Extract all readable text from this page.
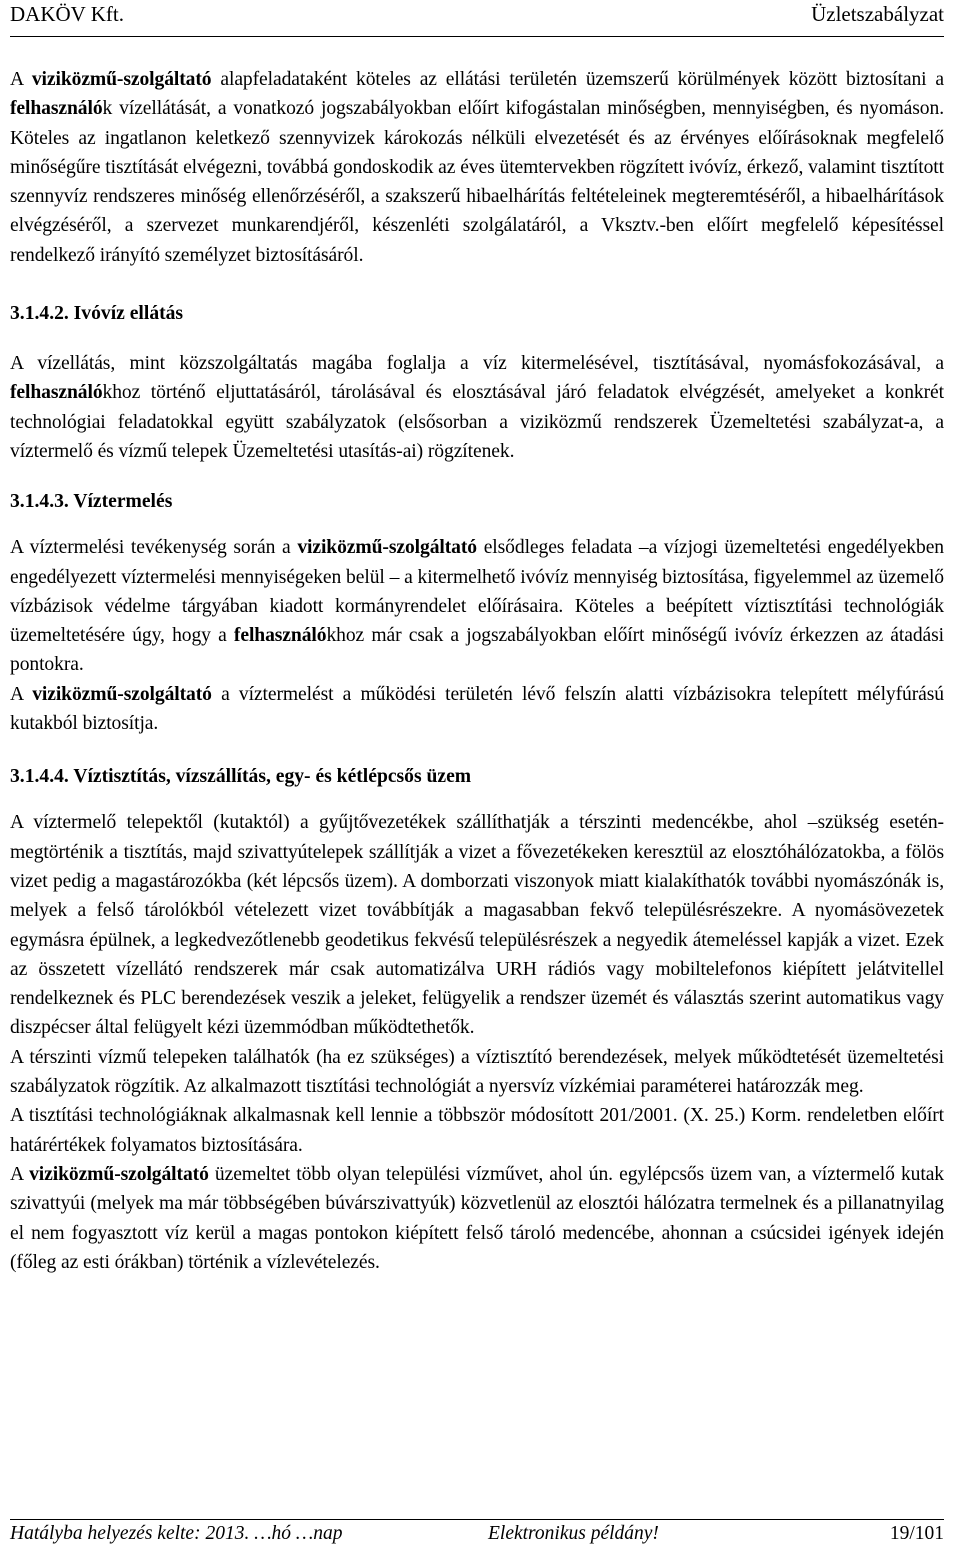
DAKÖV Kft.	Üzletszabályzat

A viziközmű-szolgáltató alapfeladataként köteles az ellátási területén üzemszerű körülmények között biztosítani a felhasználók vízellátását, a vonatkozó jogszabályokban előírt kifogástalan minőségben, mennyiségben, és nyomáson. Köteles az ingatlanon keletkező szennyvizek károkozás nélküli elvezetését és az érvényes előírásoknak megfelelő minőségűre tisztítását elvégezni, továbbá gondoskodik az éves ütemtervekben rögzített ivóvíz, érkező, valamint tisztított szennyvíz rendszeres minőség ellenőrzéséről, a szakszerű hibaelhárítás feltételeinek megteremtéséről, a hibaelhárítások elvégzéséről, a szervezet munkarendjéről, készenléti szolgálatáról, a Vksztv.-ben előírt megfelelő képesítéssel rendelkező irányító személyzet biztosításáról.

3.1.4.2. Ivóvíz ellátás

A vízellátás, mint közszolgáltatás magába foglalja a víz kitermelésével, tisztításával, nyomásfokozásával, a felhasználókhoz történő eljuttatásáról, tárolásával és elosztásával járó feladatok elvégzését, amelyeket a konkrét technológiai feladatokkal együtt szabályzatok (elsősorban a viziközmű rendszerek Üzemeltetési szabályzat-a, a víztermelő és vízmű telepek Üzemeltetési utasítás-ai) rögzítenek.

3.1.4.3. Víztermelés

A víztermelési tevékenység során a viziközmű-szolgáltató elsődleges feladata –a vízjogi üzemeltetési engedélyekben engedélyezett víztermelési mennyiségeken belül – a kitermelhető ivóvíz mennyiség biztosítása, figyelemmel az üzemelő vízbázisok védelme tárgyában kiadott kormányrendelet előírásaira. Köteles a beépített víztisztítási technológiák üzemeltetésére úgy, hogy a felhasználókhoz már csak a jogszabályokban előírt minőségű ivóvíz érkezzen az átadási pontokra.

A viziközmű-szolgáltató a víztermelést a működési területén lévő felszín alatti vízbázisokra telepített mélyfúrású kutakból biztosítja.

3.1.4.4. Víztisztítás, vízszállítás, egy- és kétlépcsős üzem

A víztermelő telepektől (kutaktól) a gyűjtővezetékek szállíthatják a térszinti medencékbe, ahol –szükség esetén- megtörténik a tisztítás, majd szivattyútelepek szállítják a vizet a fővezetékeken keresztül az elosztóhálózatokba, a fölös vizet pedig a magastározókba (két lépcsős üzem). A domborzati viszonyok miatt kialakíthatók további nyomászónák is, melyek a felső tárolókból vételezett vizet továbbítják a magasabban fekvő településrészekre. A nyomásövezetek egymásra épülnek, a legkedvezőtlenebb geodetikus fekvésű településrészek a negyedik átemeléssel kapják a vizet. Ezek az összetett vízellátó rendszerek már csak automatizálva URH rádiós vagy mobiltelefonos kiépített jelátvitellel rendelkeznek és PLC berendezések veszik a jeleket, felügyelik a rendszer üzemét és választás szerint automatikus vagy diszpécser által felügyelt kézi üzemmódban működtethetők.

A térszinti vízmű telepeken találhatók (ha ez szükséges) a víztisztító berendezések, melyek működtetését üzemeltetési szabályzatok rögzítik. Az alkalmazott tisztítási technológiát a nyersvíz vízkémiai paraméterei határozzák meg.

A tisztítási technológiáknak alkalmasnak kell lennie a többször módosított 201/2001. (X. 25.) Korm. rendeletben előírt határértékek folyamatos biztosítására.

A viziközmű-szolgáltató üzemeltet több olyan települési vízművet, ahol ún. egylépcsős üzem van, a víztermelő kutak szivattyúi (melyek ma már többségében búvárszivattyúk) közvetlenül az elosztói hálózatra termelnek és a pillanatnyilag el nem fogyasztott víz kerül a magas pontokon kiépített felső tároló medencébe, ahonnan a csúcsidei igények idején (főleg az esti órákban) történik a vízlevételezés.

Hatályba helyezés kelte: 2013. …hó …nap	Elektronikus példány!	19/101
